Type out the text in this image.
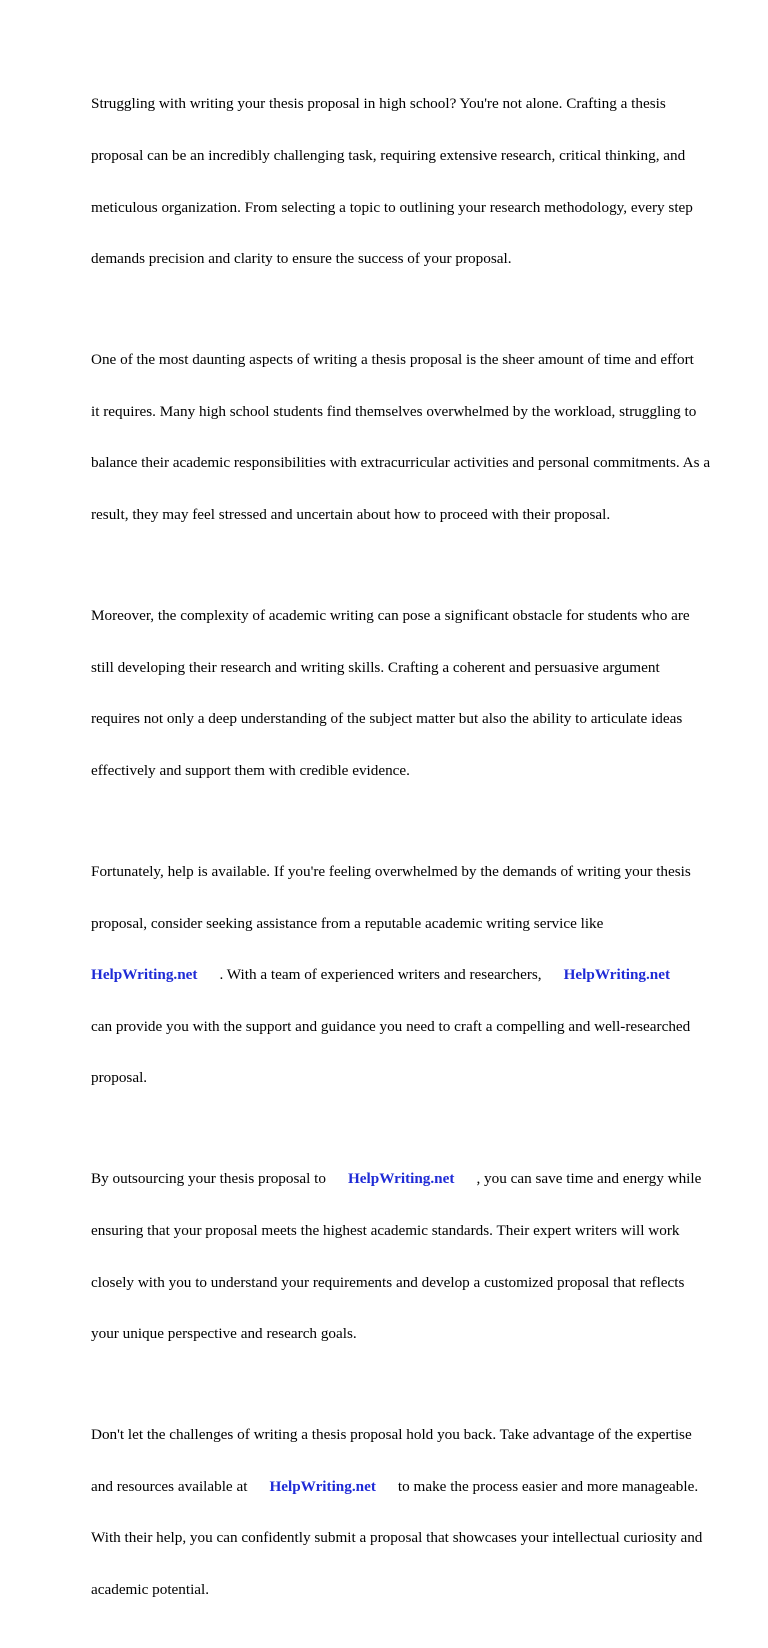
Struggling with writing your thesis proposal in high school? You're not alone. Crafting a thesis

proposal can be an incredibly challenging task, requiring extensive research, critical thinking, and

meticulous organization. From selecting a topic to outlining your research methodology, every step

demands precision and clarity to ensure the success of your proposal.

One of the most daunting aspects of writing a thesis proposal is the sheer amount of time and effort

it requires. Many high school students find themselves overwhelmed by the workload, struggling to

balance their academic responsibilities with extracurricular activities and personal commitments. As a

result, they may feel stressed and uncertain about how to proceed with their proposal.

Moreover, the complexity of academic writing can pose a significant obstacle for students who are

still developing their research and writing skills. Crafting a coherent and persuasive argument

requires not only a deep understanding of the subject matter but also the ability to articulate ideas

effectively and support them with credible evidence.

Fortunately, help is available. If you're feeling overwhelmed by the demands of writing your thesis

proposal, consider seeking assistance from a reputable academic writing service like

HelpWriting.net . With a team of experienced writers and researchers, HelpWriting.net

can provide you with the support and guidance you need to craft a compelling and well-researched

proposal.

By outsourcing your thesis proposal to HelpWriting.net , you can save time and energy while

ensuring that your proposal meets the highest academic standards. Their expert writers will work

closely with you to understand your requirements and develop a customized proposal that reflects

your unique perspective and research goals.

Don't let the challenges of writing a thesis proposal hold you back. Take advantage of the expertise

and resources available at HelpWriting.net to make the process easier and more manageable.

With their help, you can confidently submit a proposal that showcases your intellectual curiosity and

academic potential.
